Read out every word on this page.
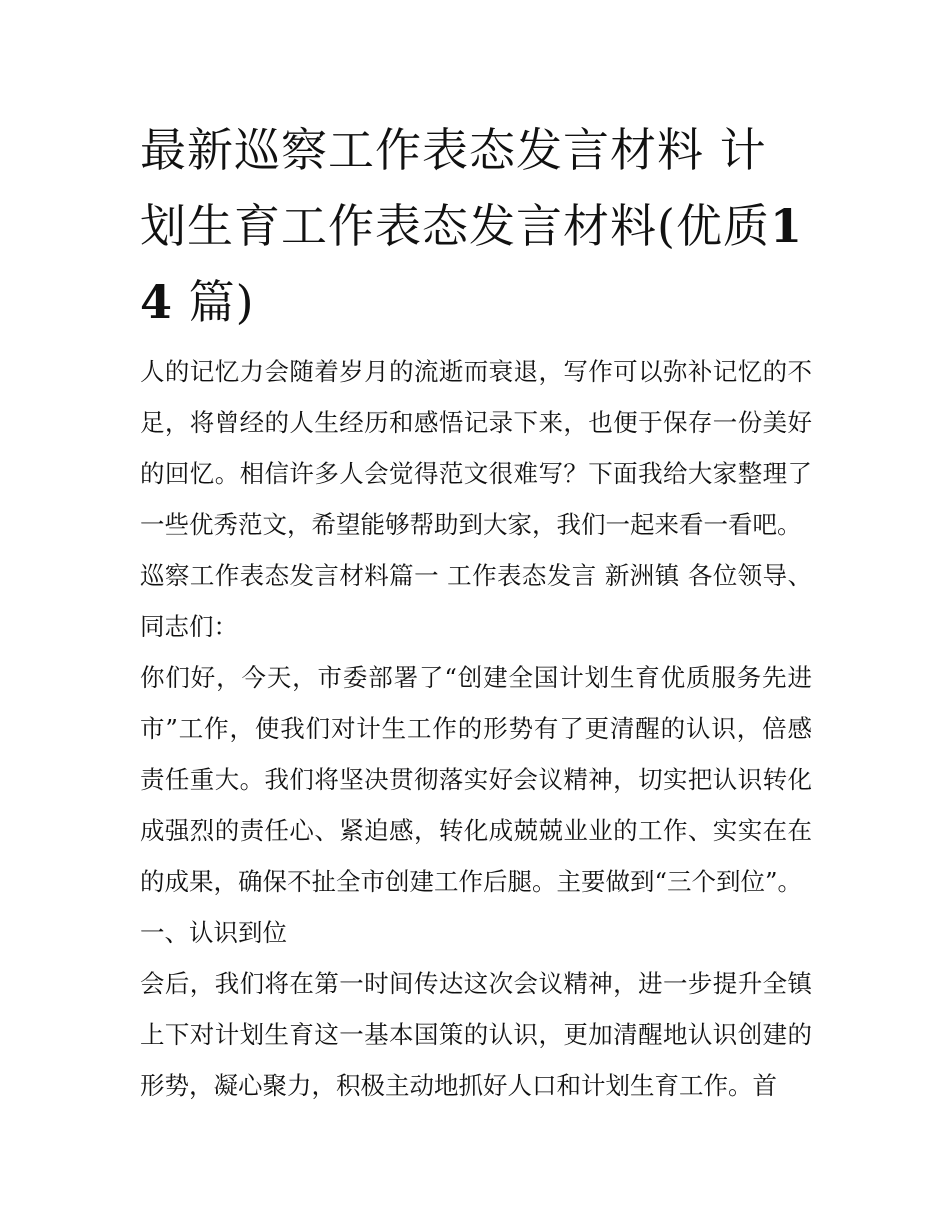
最新巡察工作表态发言材料 计划生育工作表态发言材料(优质14 篇)

人的记忆力会随着岁月的流逝而衰退，写作可以弥补记忆的不足，将曾经的人生经历和感悟记录下来，也便于保存一份美好的回忆。相信许多人会觉得范文很难写？下面我给大家整理了一些优秀范文，希望能够帮助到大家，我们一起来看一看吧。

巡察工作表态发言材料篇一 工作表态发言 新洲镇 各位领导、同志们：

你们好，今天，市委部署了“创建全国计划生育优质服务先进市”工作，使我们对计生工作的形势有了更清醒的认识，倍感责任重大。我们将坚决贯彻落实好会议精神，切实把认识转化成强烈的责任心、紧迫感，转化成兢兢业业的工作、实实在在的成果，确保不扯全市创建工作后腿。主要做到“三个到位”。

一、认识到位

会后，我们将在第一时间传达这次会议精神，进一步提升全镇上下对计划生育这一基本国策的认识，更加清醒地认识创建的形势，凝心聚力，积极主动地抓好人口和计划生育工作。首
